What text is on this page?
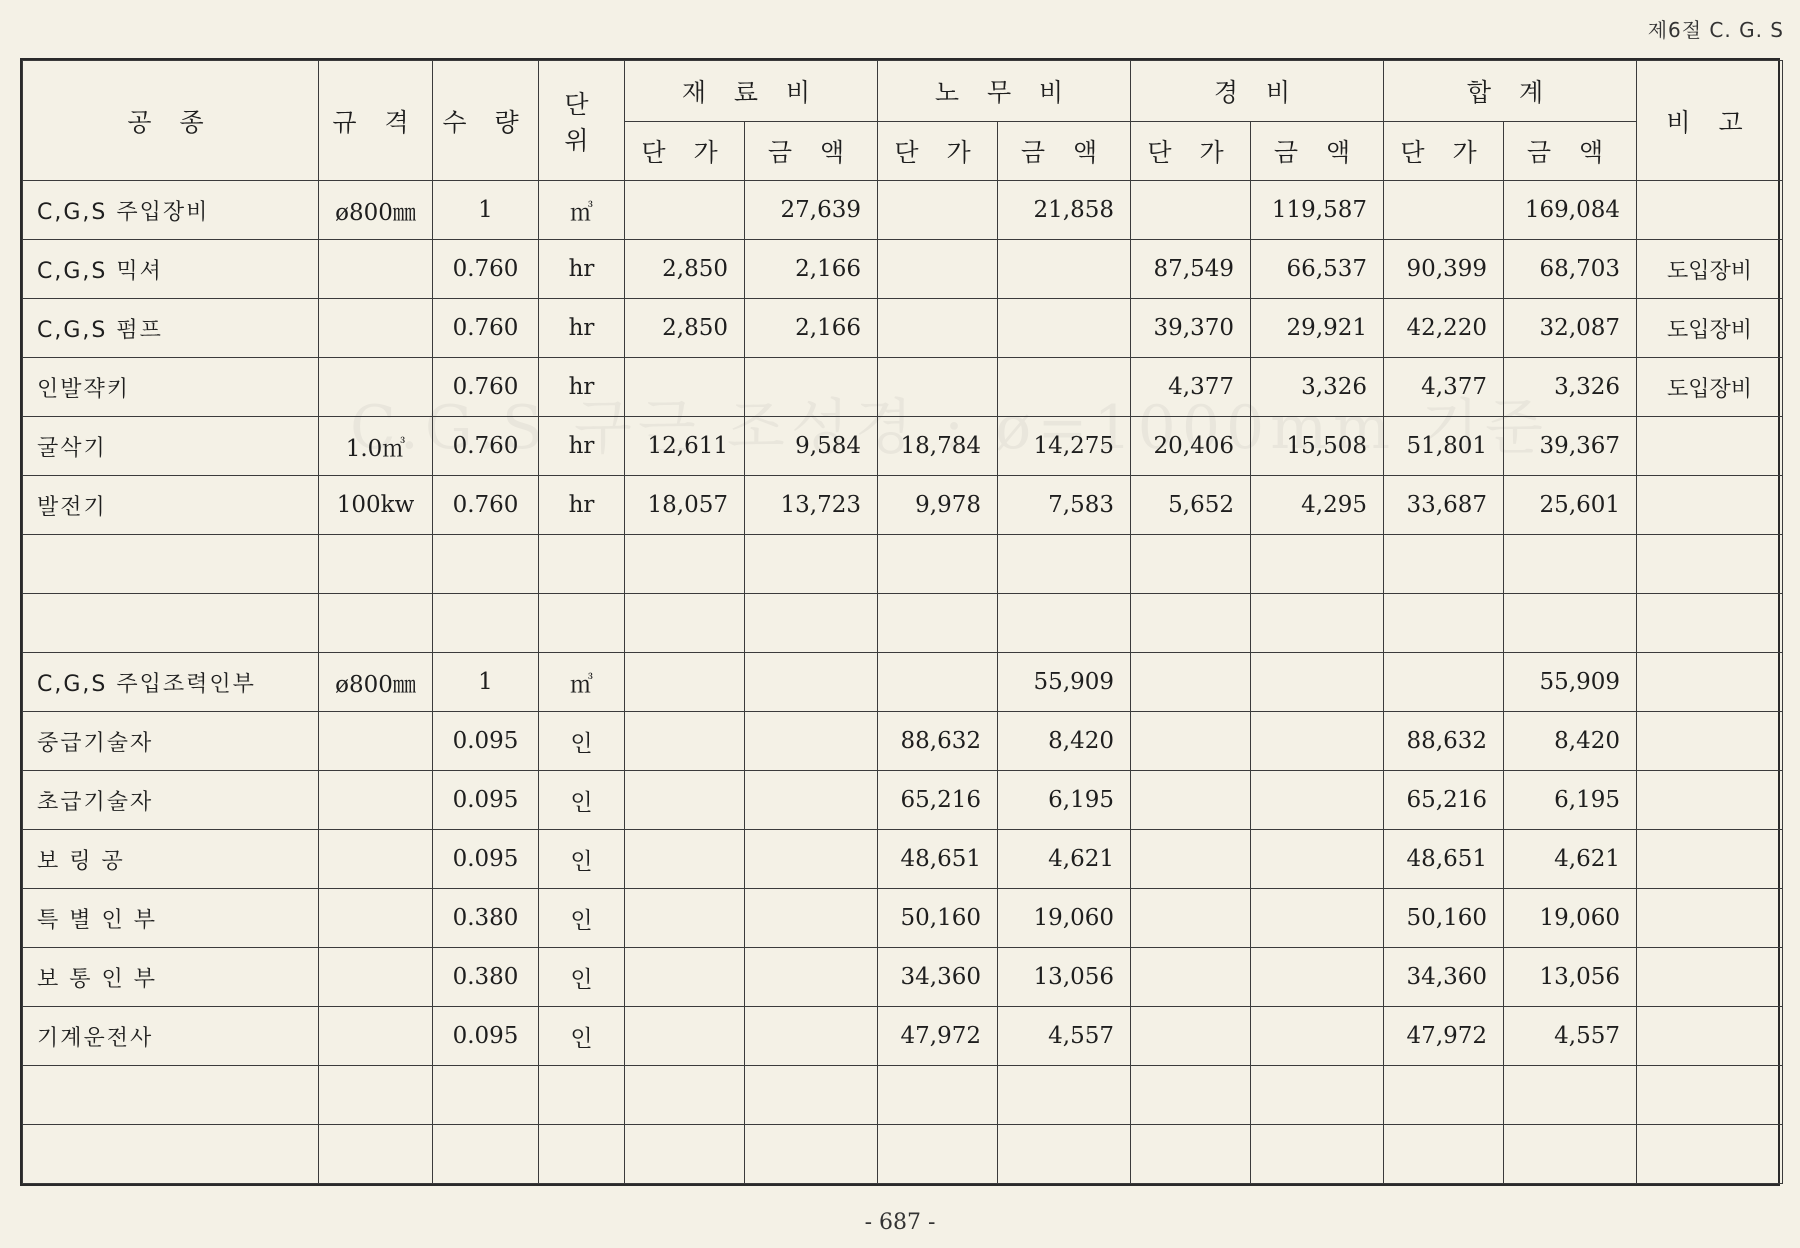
제6절 C. G. S
공 종	규 격	수 량	단 위	재 료 비		노 무 비		경 비		합 계		비 고
				단 가	금 액	단 가	금 액	단 가	금 액	단 가	금 액	
C,G,S 주입장비	ø800㎜	1	㎥		27,639		21,858		119,587		169,084	
C,G,S 믹셔		0.760	hr	2,850	2,166			87,549	66,537	90,399	68,703	도입장비
C,G,S 펌프		0.760	hr	2,850	2,166			39,370	29,921	42,220	32,087	도입장비
인발쟉키		0.760	hr					4,377	3,326	4,377	3,326	도입장비
굴삭기	1.0㎥	0.760	hr	12,611	9,584	18,784	14,275	20,406	15,508	51,801	39,367	
발전기	100kw	0.760	hr	18,057	13,723	9,978	7,583	5,652	4,295	33,687	25,601	

C,G,S 주입조력인부	ø800㎜	1	㎥				55,909				55,909	
중급기술자		0.095	인			88,632	8,420			88,632	8,420	
초급기술자		0.095	인			65,216	6,195			65,216	6,195	
보 링 공		0.095	인			48,651	4,621			48,651	4,621	
특 별 인 부		0.380	인			50,160	19,060			50,160	19,060	
보 통 인 부		0.380	인			34,360	13,056			34,360	13,056	
기계운전사		0.095	인			47,972	4,557			47,972	4,557	

- 687 -
